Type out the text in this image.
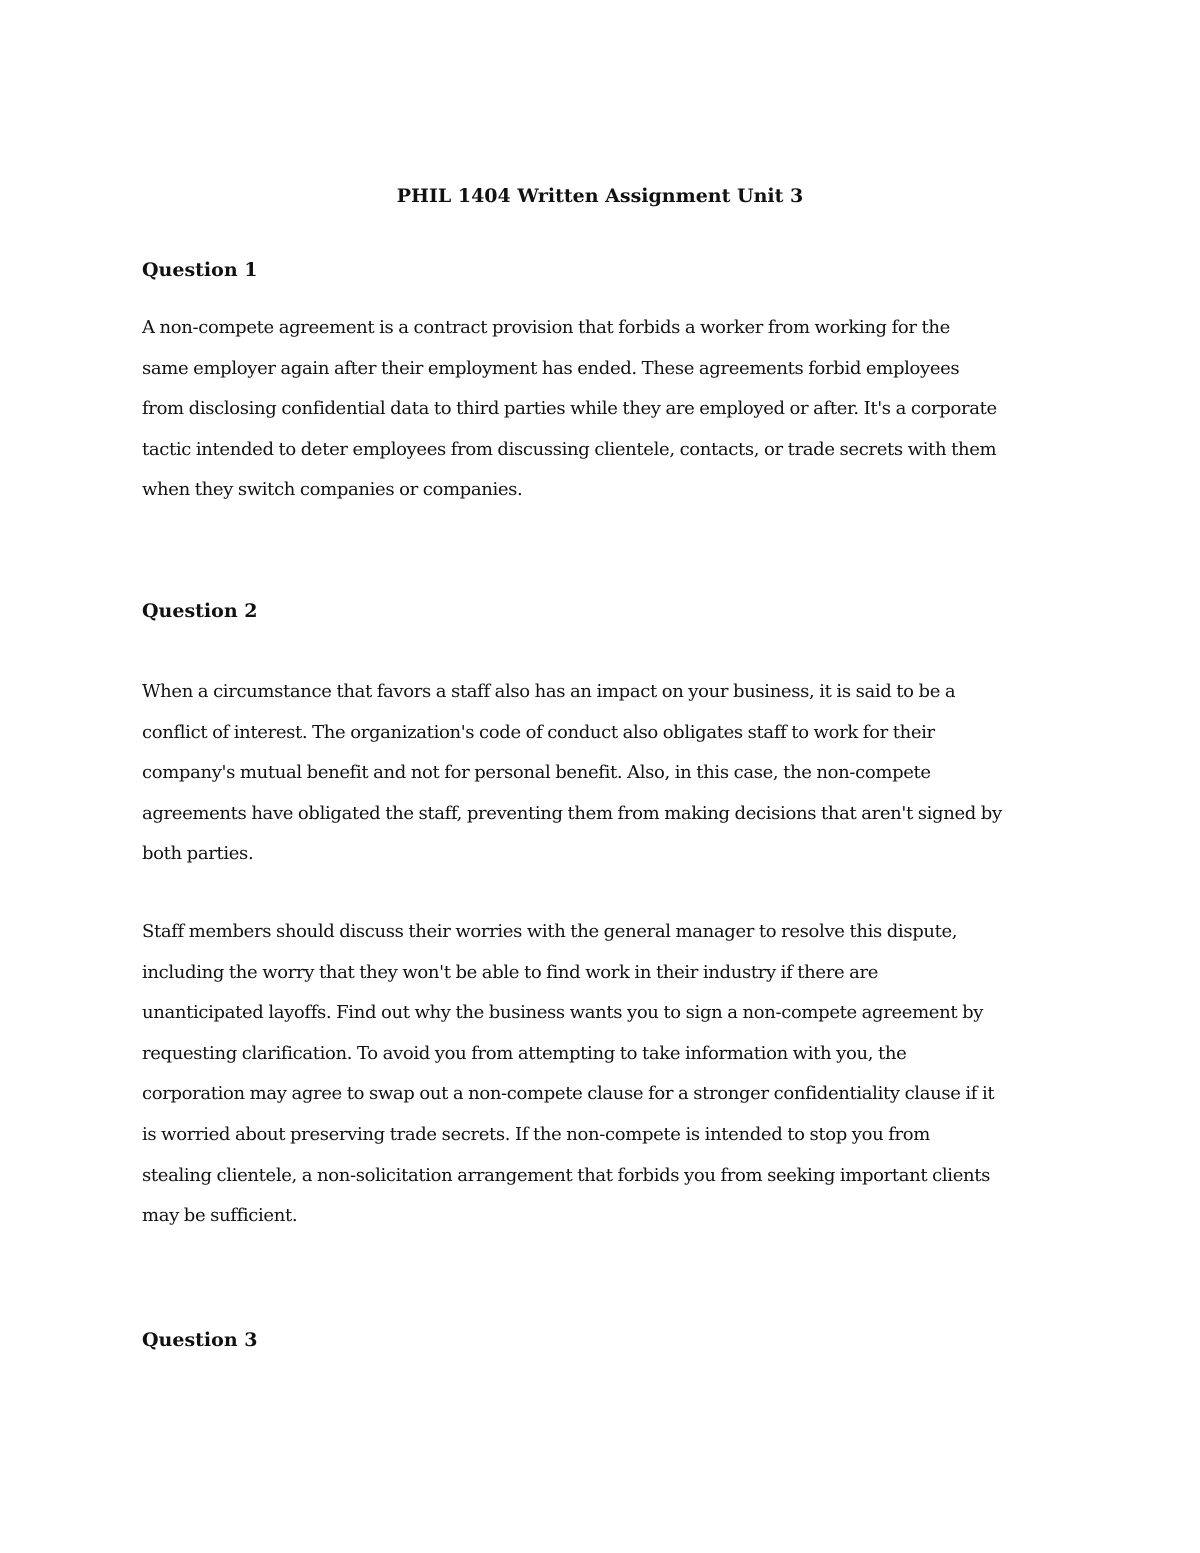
PHIL 1404 Written Assignment Unit 3
Question 1

A non-compete agreement is a contract provision that forbids a worker from working for the
same employer again after their employment has ended. These agreements forbid employees
from disclosing confidential data to third parties while they are employed or after. It's a corporate
tactic intended to deter employees from discussing clientele, contacts, or trade secrets with them
when they switch companies or companies.

Question 2

When a circumstance that favors a staff also has an impact on your business, it is said to be a
conflict of interest. The organization's code of conduct also obligates staff to work for their
company's mutual benefit and not for personal benefit. Also, in this case, the non-compete
agreements have obligated the staff, preventing them from making decisions that aren't signed by
both parties.

Staff members should discuss their worries with the general manager to resolve this dispute,
including the worry that they won't be able to find work in their industry if there are
unanticipated layoffs. Find out why the business wants you to sign a non-compete agreement by
requesting clarification. To avoid you from attempting to take information with you, the
corporation may agree to swap out a non-compete clause for a stronger confidentiality clause if it
is worried about preserving trade secrets. If the non-compete is intended to stop you from
stealing clientele, a non-solicitation arrangement that forbids you from seeking important clients
may be sufficient.

Question 3
